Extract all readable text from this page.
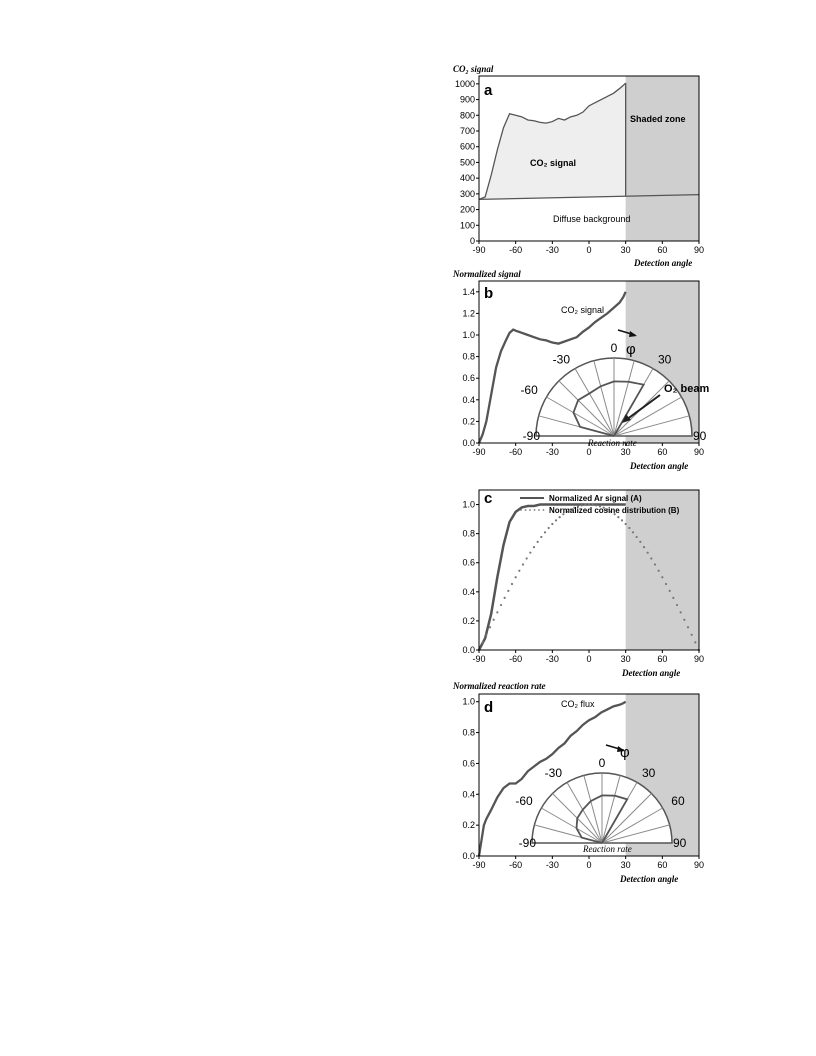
-90	-60	-30	0	30	60	90
0
100
200
300
400
500
600
700
800
900
1000
CO₂ signal
a
Shaded zone
CO₂ signal
Diffuse background
Detection angle
-90
-60
-30
0
30
90
-90	-60	-30	0	30	60	90
0.0
0.2
0.4
0.6
0.8
1.0
1.2
1.4
Normalized signal
b
CO₂ signal
φ
O₂ beam
Reaction rate
Detection angle
-90	-60	-30	0	30	60	90
0.0
0.2
0.4
0.6
0.8
1.0 c	Normalized Ar signal (A)
Normalized cosine distribution (B)
Detection angle
-90
-60
-30
0
30
60
90
-90	-60	-30	0	30	60	90
0.0
0.2
0.4
0.6
0.8
1.0
Normalized reaction rate
d	CO₂ flux
φ
Reaction rate
Detection angle
